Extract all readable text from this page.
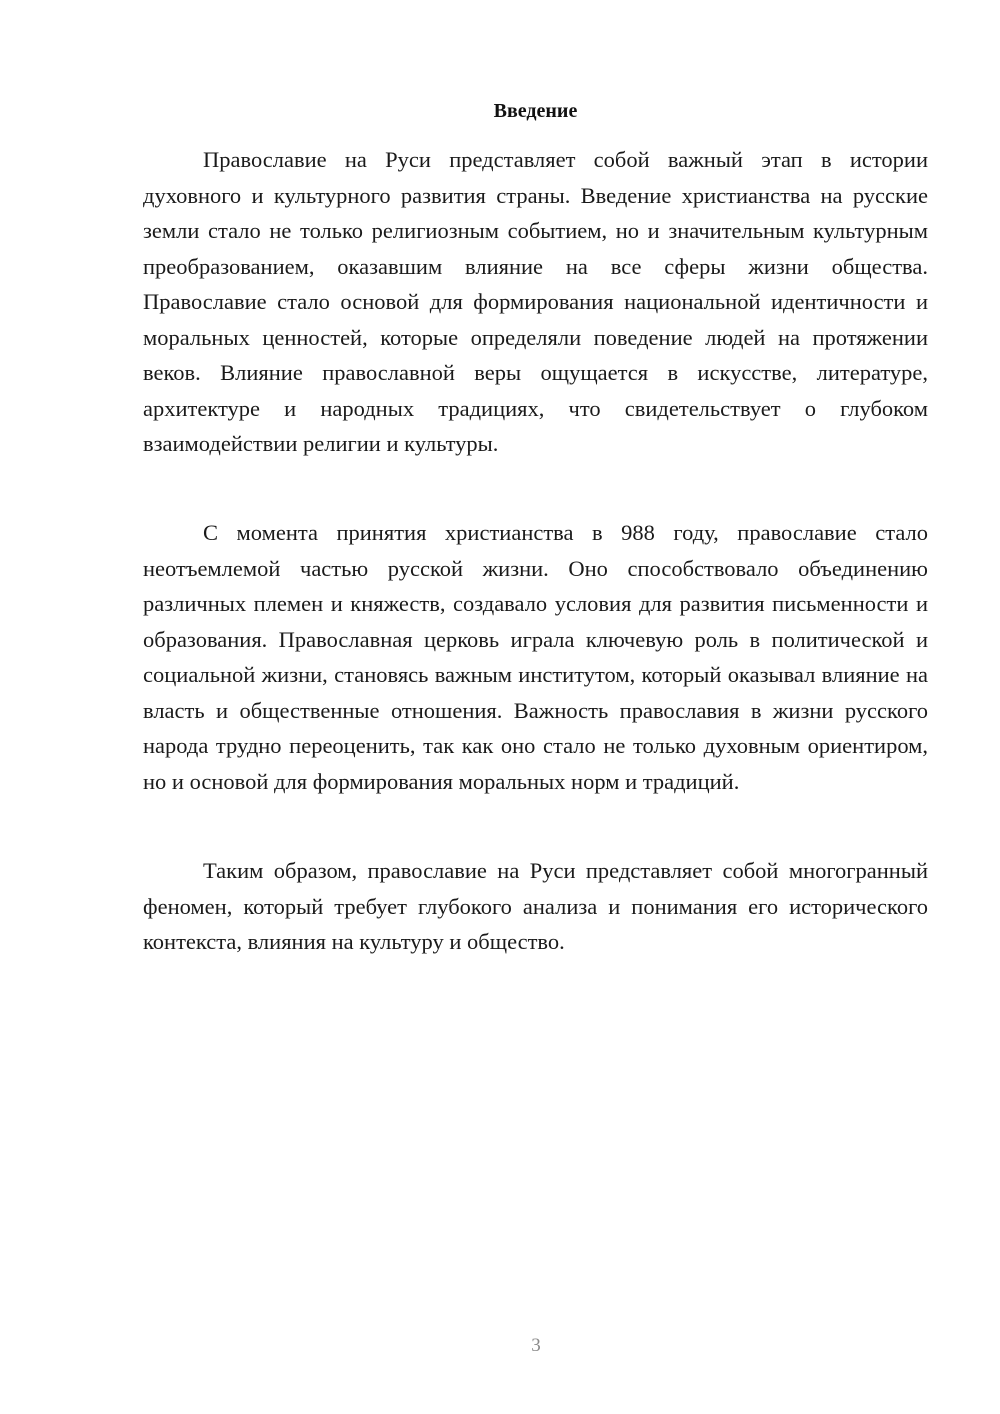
Введение

Православие на Руси представляет собой важный этап в истории духовного и культурного развития страны. Введение христианства на русские земли стало не только религиозным событием, но и значительным культурным преобразованием, оказавшим влияние на все сферы жизни общества. Православие стало основой для формирования национальной идентичности и моральных ценностей, которые определяли поведение людей на протяжении веков. Влияние православной веры ощущается в искусстве, литературе, архитектуре и народных традициях, что свидетельствует о глубоком взаимодействии религии и культуры.

С момента принятия христианства в 988 году, православие стало неотъемлемой частью русской жизни. Оно способствовало объединению различных племен и княжеств, создавало условия для развития письменности и образования. Православная церковь играла ключевую роль в политической и социальной жизни, становясь важным институтом, который оказывал влияние на власть и общественные отношения. Важность православия в жизни русского народа трудно переоценить, так как оно стало не только духовным ориентиром, но и основой для формирования моральных норм и традиций.

Таким образом, православие на Руси представляет собой многогранный феномен, который требует глубокого анализа и понимания его исторического контекста, влияния на культуру и общество.

3
